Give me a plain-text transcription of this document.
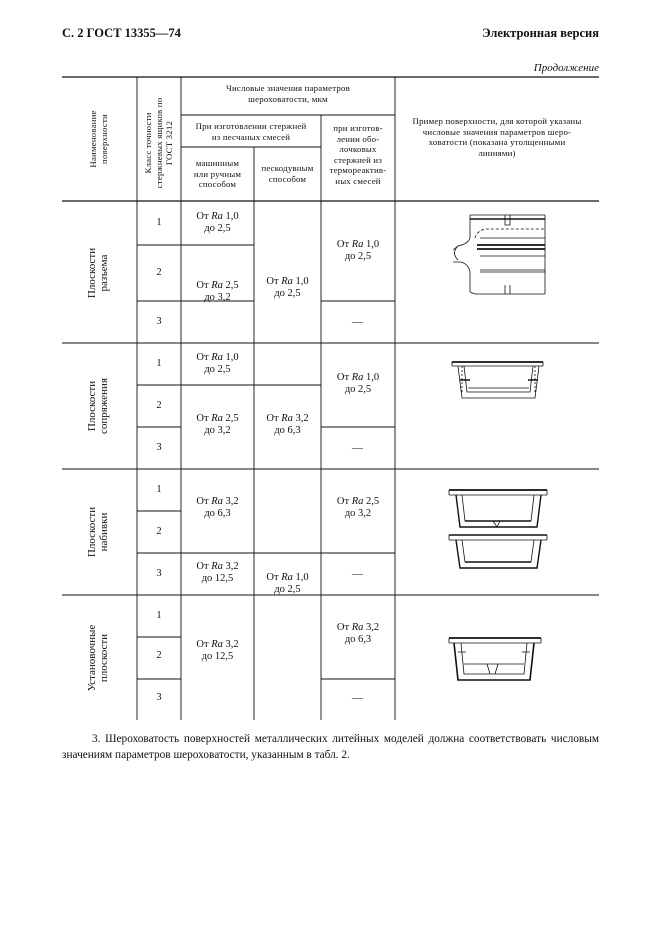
С. 2 ГОСТ 13355—74	Электронная версия
Продолжение
Наименование поверхности	Класс точности стержневых ящиков по ГОСТ 3212
Числовые значения параметров
шероховатости, мкм
При изготовлении стержней
из песчаных смесей
машинным
или ручным
способом
пескодувным
способом
при изготов-
лении обо-
лочковых
стержней из
термореактив-
ных смесей
Пример поверхности, для которой указаны
числовые значения параметров шеро-
ховатости (показана утолщенными
линиями)
Плоскости разъема
Плоскости сопряжения
Плоскости набивки
Установочные плоскости
1
2
3
1
2
3
1
2
3
1
2
3
От Ra 1,0
до 2,5
От Ra 2,5
до 3,2
От Ra 1,0
до 2,5
От Ra 2,5
до 3,2
От Ra 3,2
до 6,3
От Ra 3,2
до 12,5
От Ra 3,2
до 12,5
От Ra 1,0
до 2,5
От Ra 3,2
до 6,3
От Ra 1,0
до 2,5
От Ra 1,0
до 2,5
—
От Ra 1,0
до 2,5
—
От Ra 2,5
до 3,2
—
От Ra 3,2
до 6,3
—
3. Шероховатость поверхностей металлических литейных моделей должна соответствовать числовым значениям параметров шероховатости, указанным в табл. 2.
